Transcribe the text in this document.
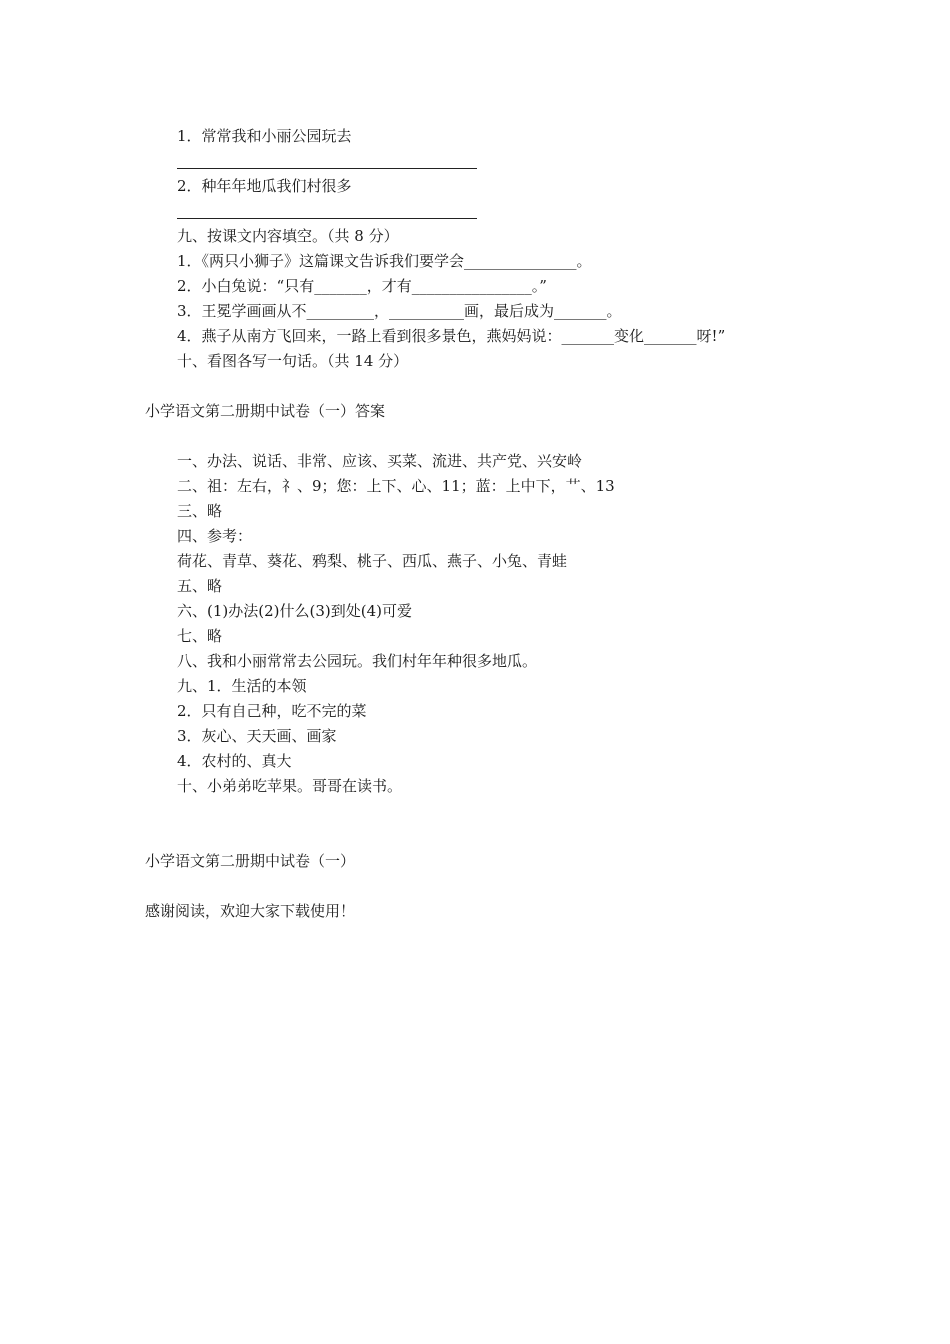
1．常常我和小丽公园玩去
2．种年年地瓜我们村很多
九、按课文内容填空。（共 8 分）
1．《两只小狮子》这篇课文告诉我们要学会_______________。
2．小白兔说：“只有_______，才有________________。”
3．王冕学画画从不_________，__________画，最后成为_______。
4．燕子从南方飞回来，一路上看到很多景色，燕妈妈说：_______变化_______呀!”
十、看图各写一句话。（共 14 分）
小学语文第二册期中试卷（一）答案
一、办法、说话、非常、应该、买菜、流进、共产党、兴安岭
二、祖：左右，礻、9；您：上下、心、11；蓝：上中下，艹、13
三、略
四、参考：
荷花、青草、葵花、鸦梨、桃子、西瓜、燕子、小兔、青蛙
五、略
六、(1)办法(2)什么(3)到处(4)可爱
七、略
八、我和小丽常常去公园玩。我们村年年种很多地瓜。
九、1．生活的本领
2．只有自己种，吃不完的菜
3．灰心、天天画、画家
4．农村的、真大
十、小弟弟吃苹果。哥哥在读书。
小学语文第二册期中试卷（一）
感谢阅读，欢迎大家下载使用！
